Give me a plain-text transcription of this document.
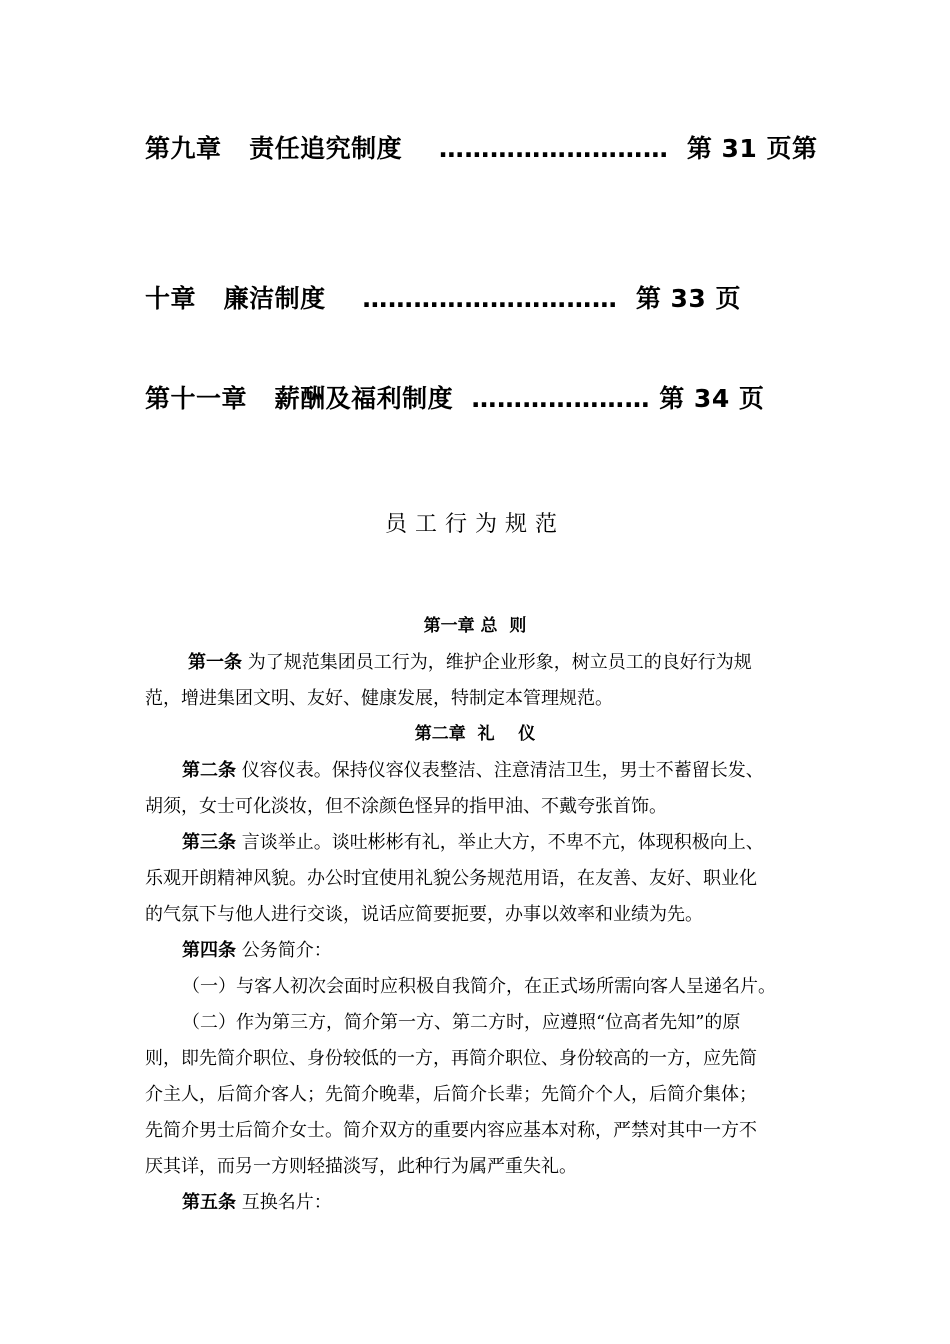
第九章   责任追究制度    ………………………  第 31 页第
十章   廉洁制度    …………………………  第 33 页
第十一章   薪酬及福利制度  ………………… 第 34 页
员工行为规范
第一章 总  则
第一条 为了规范集团员工行为，维护企业形象，树立员工的良好行为规
范，增进集团文明、友好、健康发展，特制定本管理规范。
第二章  礼    仪
第二条 仪容仪表。保持仪容仪表整洁、注意清洁卫生，男士不蓄留长发、
胡须，女士可化淡妆，但不涂颜色怪异的指甲油、不戴夸张首饰。
第三条 言谈举止。谈吐彬彬有礼，举止大方，不卑不亢，体现积极向上、
乐观开朗精神风貌。办公时宜使用礼貌公务规范用语，在友善、友好、职业化
的气氛下与他人进行交谈，说话应简要扼要，办事以效率和业绩为先。
第四条 公务简介：
（一）与客人初次会面时应积极自我简介，在正式场所需向客人呈递名片。
（二）作为第三方，简介第一方、第二方时，应遵照“位高者先知”的原
则，即先简介职位、身份较低的一方，再简介职位、身份较高的一方，应先简
介主人，后简介客人；先简介晚辈，后简介长辈；先简介个人，后简介集体；
先简介男士后简介女士。简介双方的重要内容应基本对称，严禁对其中一方不
厌其详，而另一方则轻描淡写，此种行为属严重失礼。
第五条 互换名片：
